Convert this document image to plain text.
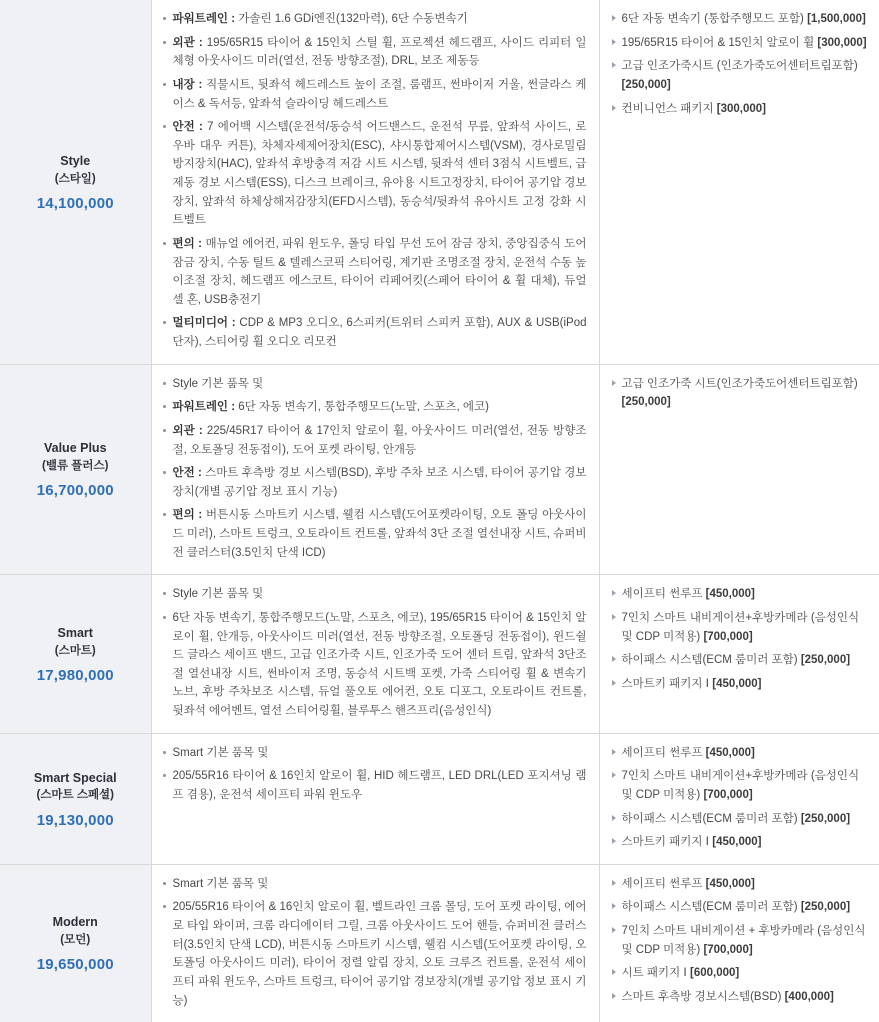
Style
(스타일)
14,100,000

파워트레인 : 가솔린 1.6 GDi엔진(132마력), 6단 수동변속기
외관 : 195/65R15 타이어 & 15인치 스틸 휠, 프로젝션 헤드램프, 사이드 리피터 일체형 아웃사이드 미러(열선, 전동 방향조절), DRL, 보조 제동등
내장 : 직물시트, 뒷좌석 헤드레스트 높이 조절, 룸램프, 썬바이저 거울, 썬글라스 케이스 & 독서등, 앞좌석 슬라이딩 헤드레스트
안전 : 7 에어백 시스템(운전석/동승석 어드밴스드, 운전석 무릎, 앞좌석 사이드, 로우바 대우 커튼), 차체자세제어장치(ESC), 샤시통합제어시스템(VSM), 경사로밀림 방지장치(HAC), 앞좌석 후방충격 저감 시트 시스템, 뒷좌석 센터 3점식 시트벨트, 급제동 경보 시스템(ESS), 디스크 브레이크, 유아용 시트고정장치, 타이어 공기압 경보장치, 앞좌석 하체상해저감장치(EFD시스템), 동승석/뒷좌석 유아시트 고정 강화 시트벨트
편의 : 매뉴얼 에어컨, 파워 윈도우, 폴딩 타입 무선 도어 잠금 장치, 중앙집중식 도어잠금 장치, 수동 틸트 & 텔레스코픽 스티어링, 계기판 조명조절 장치, 운전석 수동 높이조절 장치, 헤드램프 에스코트, 타이어 리페어킷(스페어 타이어 & 휠 대체), 듀얼 셀 혼, USB충전기
멀티미디어 : CDP & MP3 오디오, 6스피커(트위터 스피커 포함), AUX & USB(iPod 단자), 스티어링 휠 오디오 리모컨

6단 자동 변속기 (통합주행모드 포함) [1,500,000]
195/65R15 타이어 & 15인치 알로이 휠 [300,000]
고급 인조가죽시트 (인조가죽도어센터트림포함) [250,000]
컨비니언스 패키지 [300,000]

Value Plus
(밸류 플러스)
16,700,000

Style 기본 품목 및
파워트레인 : 6단 자동 변속기, 통합주행모드(노말, 스포츠, 에코)
외관 : 225/45R17 타이어 & 17인치 알로이 휠, 아웃사이드 미러(열선, 전동 방향조절, 오토폴딩 전동접이), 도어 포켓 라이팅, 안개등
안전 : 스마트 후측방 경보 시스템(BSD), 후방 주차 보조 시스템, 타이어 공기압 경보 장치(개별 공기압 정보 표시 기능)
편의 : 버튼시동 스마트키 시스템, 웰컴 시스템(도어포켓라이팅, 오토 폴딩 아웃사이드 미러), 스마트 트렁크, 오토라이트 컨트롤, 앞좌석 3단 조절 열선내장 시트, 슈퍼비전 클러스터(3.5인치 단색 ICD)

고급 인조가죽 시트(인조가죽도어센터트림포함) [250,000]

Smart
(스마트)
17,980,000

Style 기본 품목 및
6단 자동 변속기, 통합주행모드(노말, 스포츠, 에코), 195/65R15 타이어 & 15인치 알로이 휠, 안개등, 아웃사이드 미러(열선, 전동 방향조절, 오토폴딩 전동접이), 윈드쉴드 글라스 세이프 밴드, 고급 인조가죽 시트, 인조가죽 도어 센터 트림, 앞좌석 3단조절 열선내장 시트, 썬바이저 조명, 동승석 시트백 포켓, 가죽 스티어링 휠 & 변속기 노브, 후방 주차보조 시스템, 듀얼 풀오토 에어컨, 오토 디포그, 오토라이트 컨트롤, 뒷좌석 에어벤트, 열선 스티어링휠, 블루투스 핸즈프리(음성인식)

세이프티 썬루프 [450,000]
7인치 스마트 내비게이션+후방카메라 (음성인식 및 CDP 미적용) [700,000]
하이패스 시스템(ECM 룸미러 포함) [250,000]
스마트키 패키지 Ⅰ [450,000]

Smart Special
(스마트 스페셜)
19,130,000

Smart 기본 품목 및
205/55R16 타이어 & 16인치 알로이 휠, HID 헤드램프, LED DRL(LED 포지셔닝 램프 겸용), 운전석 세이프티 파워 윈도우

세이프티 썬루프 [450,000]
7인치 스마트 내비게이션+후방카메라 (음성인식 및 CDP 미적용) [700,000]
하이패스 시스템(ECM 룸미러 포함) [250,000]
스마트키 패키지 Ⅰ [450,000]

Modern
(모던)
19,650,000

Smart 기본 품목 및
205/55R16 타이어 & 16인치 알로이 휠, 벨트라인 크롬 몰딩, 도어 포켓 라이팅, 에어로 타입 와이퍼, 크롬 라디에이터 그릴, 크롬 아웃사이드 도어 핸들, 슈퍼비전 클러스터(3.5인치 단색 LCD), 버튼시동 스마트키 시스템, 웰컴 시스템(도어포켓 라이팅, 오토폴딩 아웃사이드 미러), 타이어 정렬 알림 장치, 오토 크루즈 컨트롤, 운전석 세이프티 파워 윈도우, 스마트 트렁크, 타이어 공기압 경보장치(개별 공기압 정보 표시 기능)

세이프티 썬루프 [450,000]
하이패스 시스템(ECM 룸미러 포함) [250,000]
7인치 스마트 내비게이션 + 후방카메라 (음성인식 및 CDP 미적용) [700,000]
시트 패키지 Ⅰ [600,000]
스마트 후측방 경보시스템(BSD) [400,000]
